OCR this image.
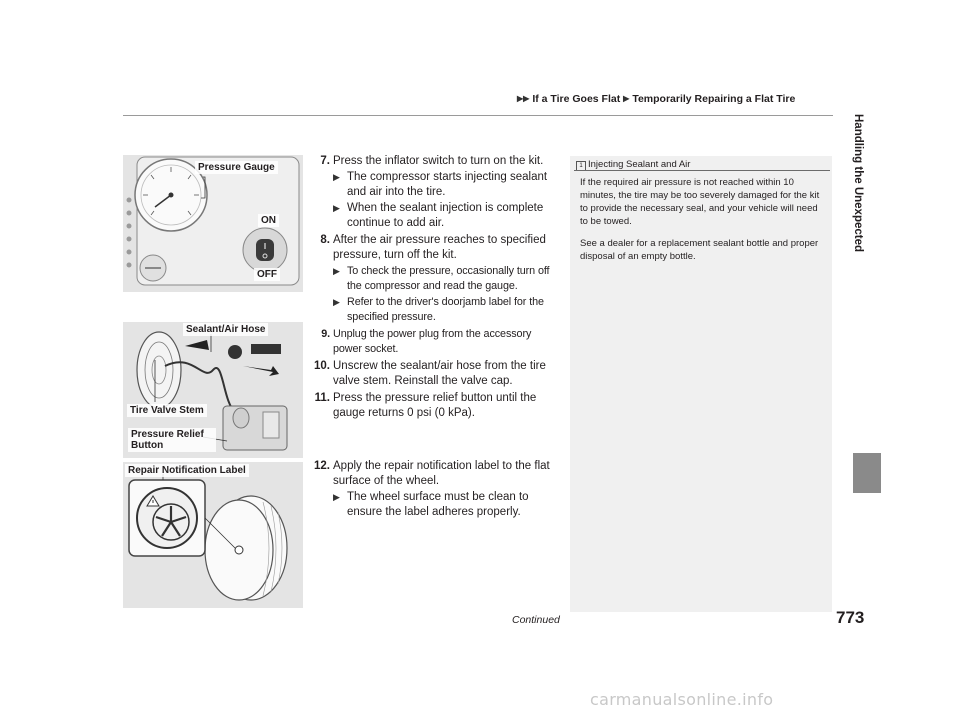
▶▶ If a Tire Goes Flat ▶ Temporarily Repairing a Flat Tire
Handling the Unexpected
Pressure Gauge
ON
OFF
Sealant/Air Hose
Tire Valve Stem
Pressure Relief Button
Repair Notification Label
7. Press the inflator switch to turn on the kit.
▶ The compressor starts injecting sealant and air into the tire.
▶ When the sealant injection is complete continue to add air.
8. After the air pressure reaches to specified pressure, turn off the kit.
▶ To check the pressure, occasionally turn off the compressor and read the gauge.
▶ Refer to the driver's doorjamb label for the specified pressure.
9. Unplug the power plug from the accessory power socket.
10. Unscrew the sealant/air hose from the tire valve stem. Reinstall the valve cap.
11. Press the pressure relief button until the gauge returns 0 psi (0 kPa).
12. Apply the repair notification label to the flat surface of the wheel.
▶ The wheel surface must be clean to ensure the label adheres properly.
1 Injecting Sealant and Air

If the required air pressure is not reached within 10 minutes, the tire may be too severely damaged for the kit to provide the necessary seal, and your vehicle will need to be towed.

See a dealer for a replacement sealant bottle and proper disposal of an empty bottle.

Continued	773
carmanualsonline.info
